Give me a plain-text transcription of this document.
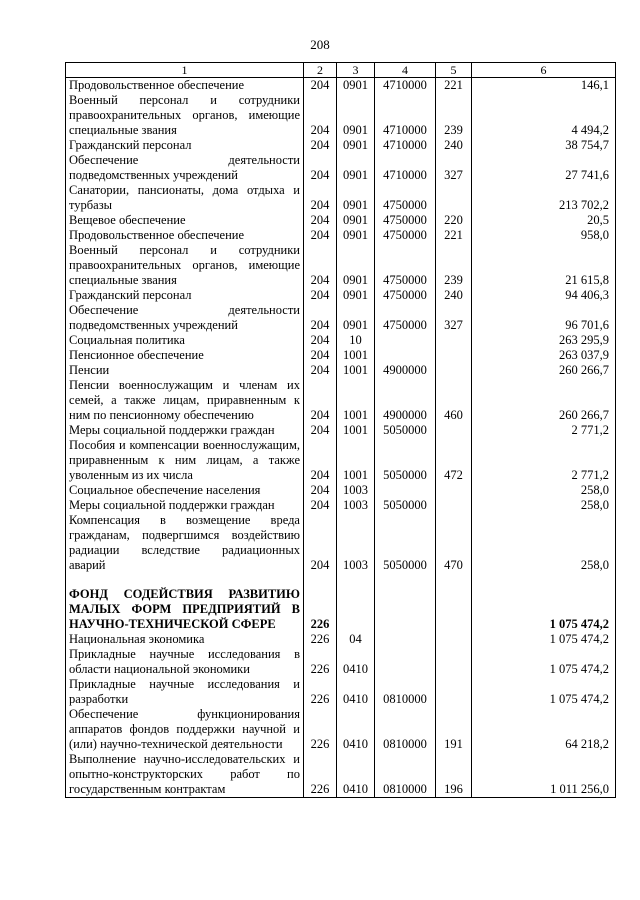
208
1	2	3	4	5	6
Продовольственное обеспечение	204	0901	4710000	221	146,1
Военный персонал и сотрудники правоохранительных органов, имеющие специальные звания	204	0901	4710000	239	4 494,2
Гражданский персонал	204	0901	4710000	240	38 754,7
Обеспечение деятельности подведомственных учреждений	204	0901	4710000	327	27 741,6
Санатории, пансионаты, дома отдыха и турбазы	204	0901	4750000		213 702,2
Вещевое обеспечение	204	0901	4750000	220	20,5
Продовольственное обеспечение	204	0901	4750000	221	958,0
Военный персонал и сотрудники правоохранительных органов, имеющие специальные звания	204	0901	4750000	239	21 615,8
Гражданский персонал	204	0901	4750000	240	94 406,3
Обеспечение деятельности подведомственных учреждений	204	0901	4750000	327	96 701,6
Социальная политика	204	10			263 295,9
Пенсионное обеспечение	204	1001			263 037,9
Пенсии	204	1001	4900000		260 266,7
Пенсии военнослужащим и членам их семей, а также лицам, приравненным к ним по пенсионному обеспечению	204	1001	4900000	460	260 266,7
Меры социальной поддержки граждан	204	1001	5050000		2 771,2
Пособия и компенсации военнослужащим, приравненным к ним лицам, а также уволенным из их числа	204	1001	5050000	472	2 771,2
Социальное обеспечение населения	204	1003			258,0
Меры социальной поддержки граждан	204	1003	5050000		258,0
Компенсация в возмещение вреда гражданам, подвергшимся воздействию радиации вследствие радиационных аварий	204	1003	5050000	470	258,0

ФОНД СОДЕЙСТВИЯ РАЗВИТИЮ МАЛЫХ ФОРМ ПРЕДПРИЯТИЙ В НАУЧНО-ТЕХНИЧЕСКОЙ СФЕРЕ	226				1 075 474,2
Национальная экономика	226	04			1 075 474,2
Прикладные научные исследования в области национальной экономики	226	0410			1 075 474,2
Прикладные научные исследования и разработки	226	0410	0810000		1 075 474,2
Обеспечение функционирования аппаратов фондов поддержки научной и (или) научно-технической деятельности	226	0410	0810000	191	64 218,2
Выполнение научно-исследовательских и опытно-конструкторских работ по государственным контрактам	226	0410	0810000	196	1 011 256,0
